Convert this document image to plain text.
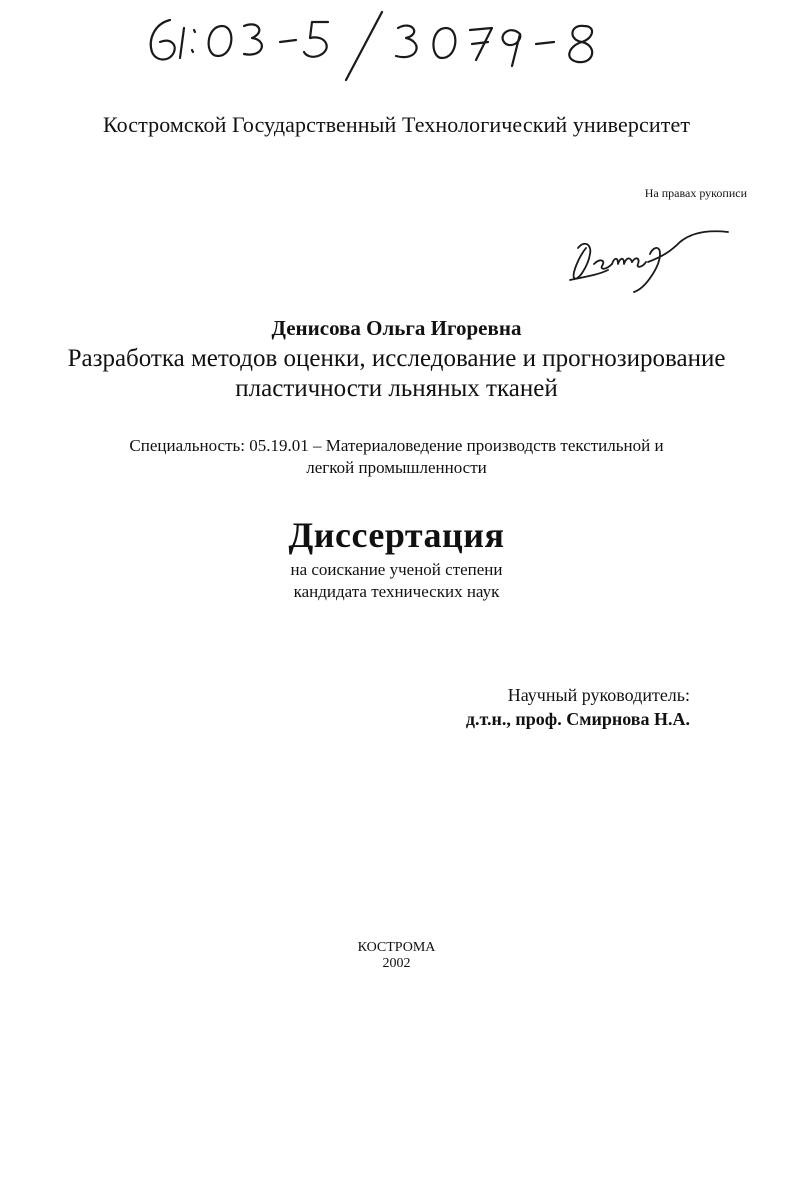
Костромской Государственный Технологический университет
На правах рукописи
Денисова Ольга Игоревна
Разработка методов оценки, исследование и прогнозирование
пластичности льняных тканей
Специальность: 05.19.01 – Материаловедение производств текстильной и
легкой промышленности
Диссертация
на соискание ученой степени
кандидата технических наук
Научный руководитель:
д.т.н., проф. Смирнова Н.А.
КОСТРОМА
2002
